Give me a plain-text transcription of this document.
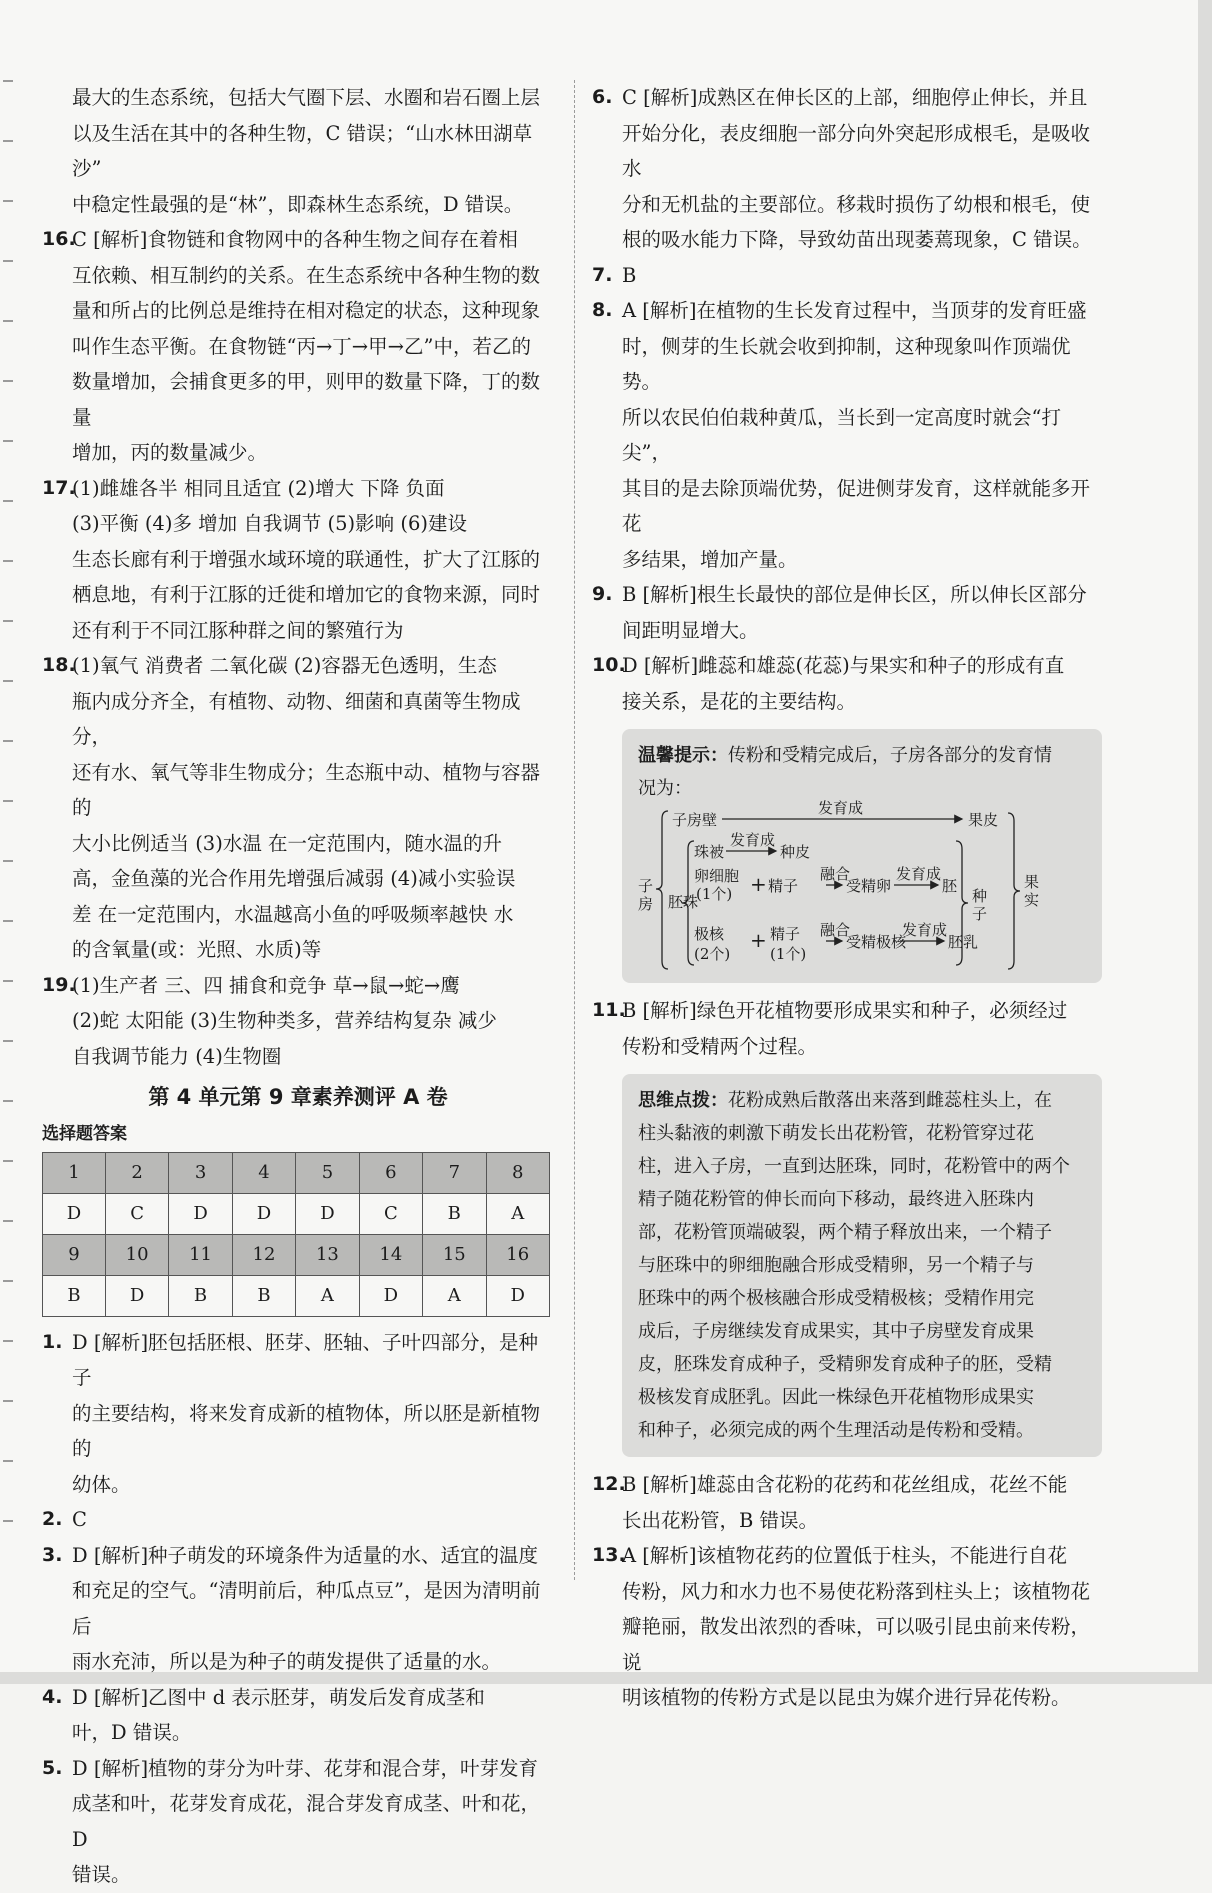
最大的生态系统，包括大气圈下层、水圈和岩石圈上层
以及生活在其中的各种生物，C 错误；“山水林田湖草沙”
中稳定性最强的是“林”，即森林生态系统，D 错误。
16.
C [解析]食物链和食物网中的各种生物之间存在着相
互依赖、相互制约的关系。在生态系统中各种生物的数
量和所占的比例总是维持在相对稳定的状态，这种现象
叫作生态平衡。在食物链“丙→丁→甲→乙”中，若乙的
数量增加，会捕食更多的甲，则甲的数量下降，丁的数量
增加，丙的数量减少。
17.
(1)雌雄各半 相同且适宜 (2)增大 下降 负面
(3)平衡 (4)多 增加 自我调节 (5)影响 (6)建设
生态长廊有利于增强水域环境的联通性，扩大了江豚的
栖息地，有利于江豚的迁徙和增加它的食物来源，同时
还有利于不同江豚种群之间的繁殖行为
18.
(1)氧气 消费者 二氧化碳 (2)容器无色透明，生态
瓶内成分齐全，有植物、动物、细菌和真菌等生物成分，
还有水、氧气等非生物成分；生态瓶中动、植物与容器的
大小比例适当 (3)水温 在一定范围内，随水温的升
高，金鱼藻的光合作用先增强后减弱 (4)减小实验误
差 在一定范围内，水温越高小鱼的呼吸频率越快 水
的含氧量(或：光照、水质)等
19.
(1)生产者 三、四 捕食和竞争 草→鼠→蛇→鹰
(2)蛇 太阳能 (3)生物种类多，营养结构复杂 减少
自我调节能力 (4)生物圈
第 4 单元第 9 章素养测评 A 卷
选择题答案
1	2	3	4	5	6	7	8
D	C	D	D	D	C	B	A
9	10	11	12	13	14	15	16
B	D	B	B	A	D	A	D
1. D [解析]胚包括胚根、胚芽、胚轴、子叶四部分，是种子
的主要结构，将来发育成新的植物体，所以胚是新植物的
幼体。
2. C
3. D [解析]种子萌发的环境条件为适量的水、适宜的温度
和充足的空气。“清明前后，种瓜点豆”，是因为清明前后
雨水充沛，所以是为种子的萌发提供了适量的水。
4. D [解析]乙图中 d 表示胚芽，萌发后发育成茎和
叶，D 错误。
5. D [解析]植物的芽分为叶芽、花芽和混合芽，叶芽发育
成茎和叶，花芽发育成花，混合芽发育成茎、叶和花，D
错误。
6. C [解析]成熟区在伸长区的上部，细胞停止伸长，并且
开始分化，表皮细胞一部分向外突起形成根毛，是吸收水
分和无机盐的主要部位。移栽时损伤了幼根和根毛，使
根的吸水能力下降，导致幼苗出现萎蔫现象，C 错误。
7. B
8. A [解析]在植物的生长发育过程中，当顶芽的发育旺盛
时，侧芽的生长就会收到抑制，这种现象叫作顶端优势。
所以农民伯伯栽种黄瓜，当长到一定高度时就会“打尖”，
其目的是去除顶端优势，促进侧芽发育，这样就能多开花
多结果，增加产量。
9. B [解析]根生长最快的部位是伸长区，所以伸长区部分
间距明显增大。
10.
D [解析]雌蕊和雄蕊(花蕊)与果实和种子的形成有直
接关系，是花的主要结构。
温馨提示：传粉和受精完成后，子房各部分的发育情
况为：
子房
子房壁
发育成
果皮
胚珠
珠被
发育成
种皮
卵细胞
(1个) + 精子
融合
受精卵
发育成
胚
极核
(2个)
+ 精子
(1个)
融合
受精极核
发育成
胚乳
种子
果实
11.
B [解析]绿色开花植物要形成果实和种子，必须经过
传粉和受精两个过程。
思维点拨：花粉成熟后散落出来落到雌蕊柱头上，在
柱头黏液的刺激下萌发长出花粉管，花粉管穿过花
柱，进入子房，一直到达胚珠，同时，花粉管中的两个
精子随花粉管的伸长而向下移动，最终进入胚珠内
部，花粉管顶端破裂，两个精子释放出来，一个精子
与胚珠中的卵细胞融合形成受精卵，另一个精子与
胚珠中的两个极核融合形成受精极核；受精作用完
成后，子房继续发育成果实，其中子房壁发育成果
皮，胚珠发育成种子，受精卵发育成种子的胚，受精
极核发育成胚乳。因此一株绿色开花植物形成果实
和种子，必须完成的两个生理活动是传粉和受精。
12.
B [解析]雄蕊由含花粉的花药和花丝组成，花丝不能
长出花粉管，B 错误。
13.
A [解析]该植物花药的位置低于柱头，不能进行自花
传粉，风力和水力也不易使花粉落到柱头上；该植物花
瓣艳丽，散发出浓烈的香味，可以吸引昆虫前来传粉，说
明该植物的传粉方式是以昆虫为媒介进行异花传粉。
